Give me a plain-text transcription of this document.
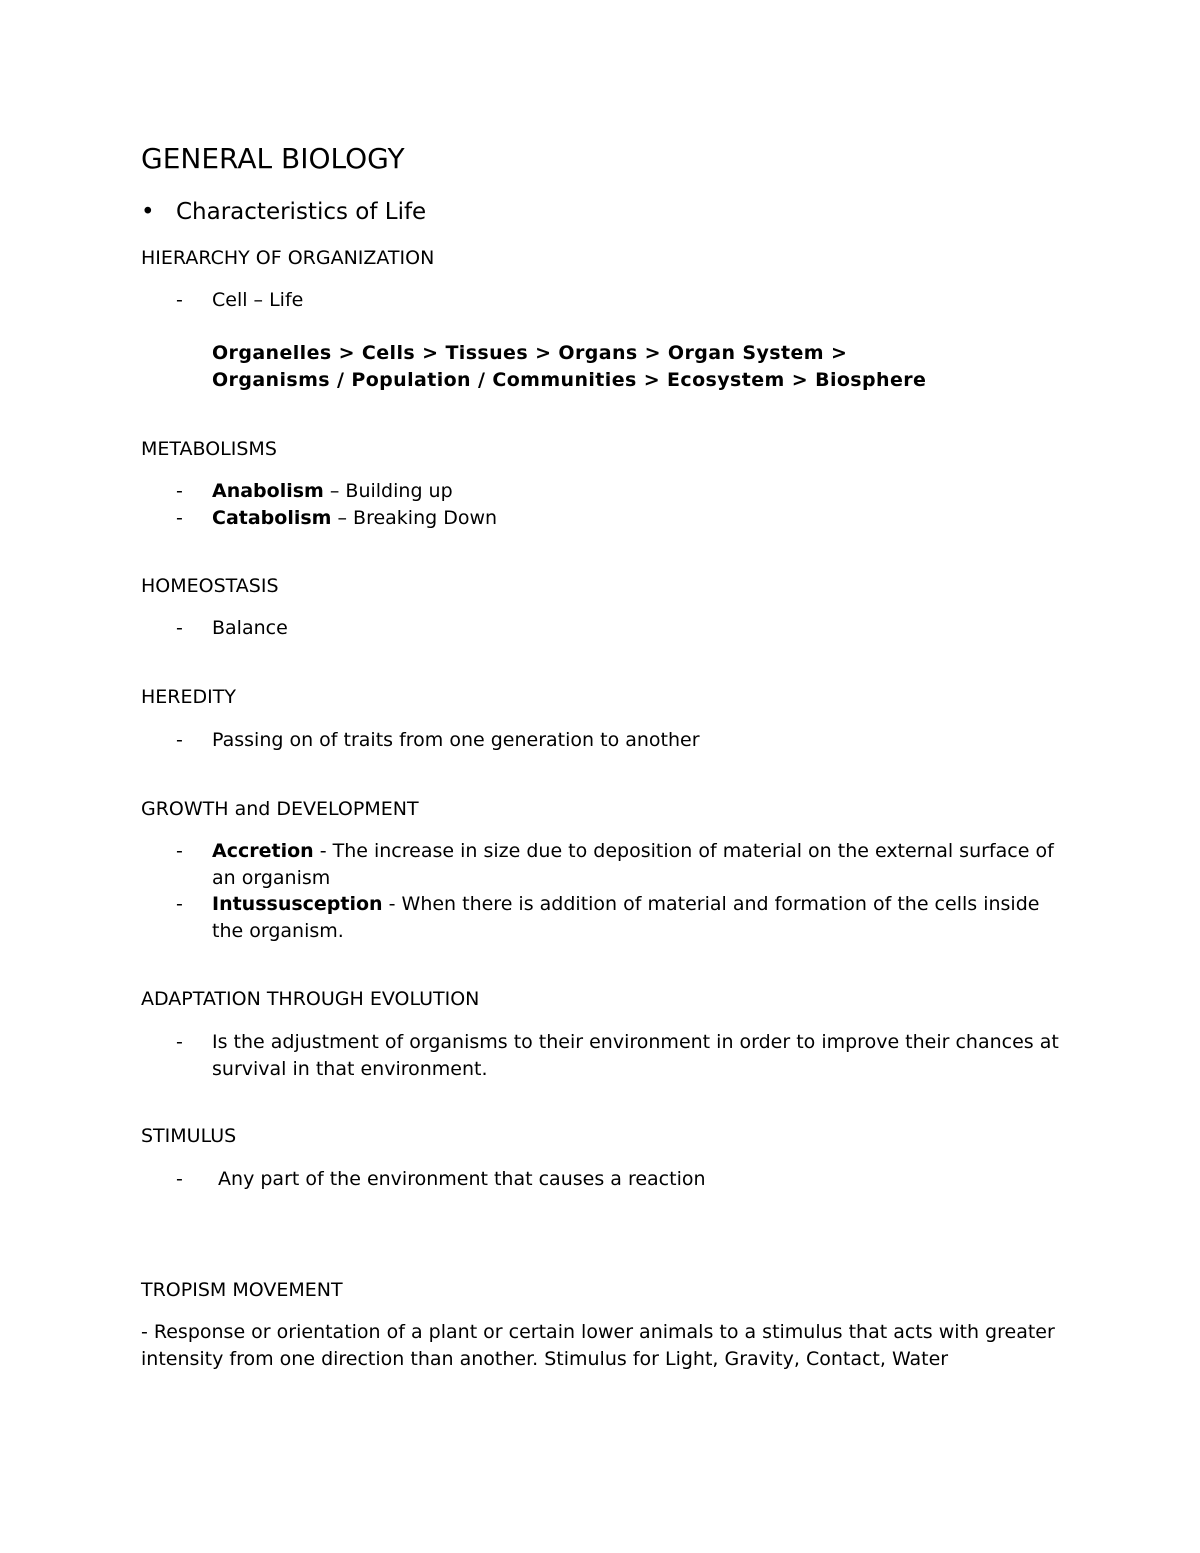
GENERAL BIOLOGY
• Characteristics of Life
HIERARCHY OF ORGANIZATION
- Cell – Life
Organelles > Cells > Tissues > Organs > Organ System >
Organisms / Population / Communities > Ecosystem > Biosphere
METABOLISMS
- Anabolism – Building up
- Catabolism – Breaking Down
HOMEOSTASIS
- Balance
HEREDITY
- Passing on of traits from one generation to another
GROWTH and DEVELOPMENT
- Accretion - The increase in size due to deposition of material on the external surface of an organism
- Intussusception - When there is addition of material and formation of the cells inside the organism.
ADAPTATION THROUGH EVOLUTION
- Is the adjustment of organisms to their environment in order to improve their chances at survival in that environment.
STIMULUS
- Any part of the environment that causes a reaction
TROPISM MOVEMENT
- Response or orientation of a plant or certain lower animals to a stimulus that acts with greater intensity from one direction than another. Stimulus for Light, Gravity, Contact, Water
